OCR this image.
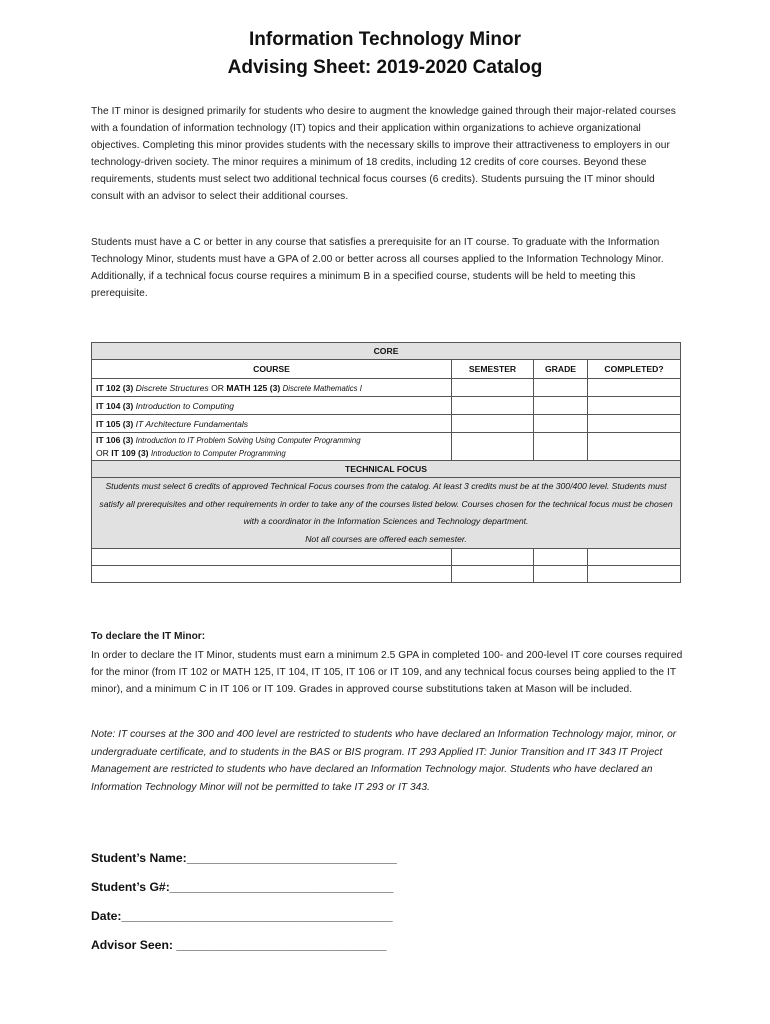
Information Technology Minor
Advising Sheet: 2019-2020 Catalog
The IT minor is designed primarily for students who desire to augment the knowledge gained through their major-related courses with a foundation of information technology (IT) topics and their application within organizations to achieve organizational objectives. Completing this minor provides students with the necessary skills to improve their attractiveness to employers in our technology-driven society. The minor requires a minimum of 18 credits, including 12 credits of core courses. Beyond these requirements, students must select two additional technical focus courses (6 credits). Students pursuing the IT minor should consult with an advisor to select their additional courses.
Students must have a C or better in any course that satisfies a prerequisite for an IT course. To graduate with the Information Technology Minor, students must have a GPA of 2.00 or better across all courses applied to the Information Technology Minor. Additionally, if a technical focus course requires a minimum B in a specified course, students will be held to meeting this prerequisite.
CORE			
COURSE	SEMESTER	GRADE	COMPLETED?
IT 102 (3) Discrete Structures OR MATH 125 (3) Discrete Mathematics I			
IT 104 (3) Introduction to Computing			
IT 105 (3) IT Architecture Fundamentals			
IT 106 (3) Introduction to IT Problem Solving Using Computer Programming
OR IT 109 (3) Introduction to Computer Programming			
TECHNICAL FOCUS			

Students must select 6 credits of approved Technical Focus courses from the catalog. At least 3 credits must be at the 300/400 level. Students must satisfy all prerequisites and other requirements in order to take any of the courses listed below. Courses chosen for the technical focus must be chosen with a coordinator in the Information Sciences and Technology department.
Not all courses are offered each semester.			

To declare the IT Minor:
In order to declare the IT Minor, students must earn a minimum 2.5 GPA in completed 100- and 200-level IT core courses required for the minor (from IT 102 or MATH 125, IT 104, IT 105, IT 106 or IT 109, and any technical focus courses being applied to the IT minor), and a minimum C in IT 106 or IT 109. Grades in approved course substitutions taken at Mason will be included.
Note: IT courses at the 300 and 400 level are restricted to students who have declared an Information Technology major, minor, or undergraduate certificate, and to students in the BAS or BIS program. IT 293 Applied IT: Junior Transition and IT 343 IT Project Management are restricted to students who have declared an Information Technology major. Students who have declared an Information Technology Minor will not be permitted to take IT 293 or IT 343.
Student’s Name:_______________________________
Student’s G#:_________________________________
Date:________________________________________
Advisor Seen: _______________________________
